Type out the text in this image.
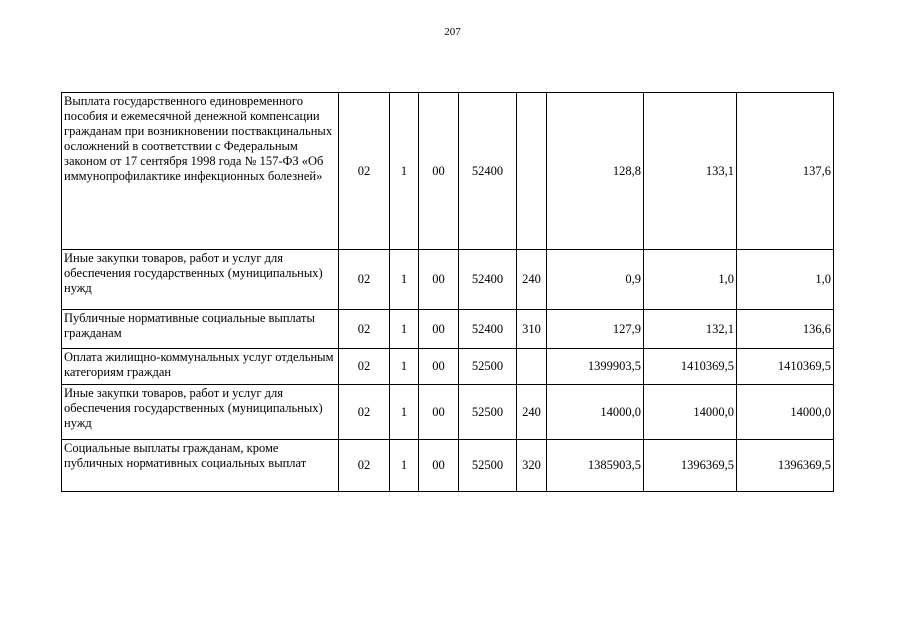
207
Выплата государственного единовременного пособия и ежемесячной денежной компенсации гражданам при возникновении поствакцинальных осложнений в соответствии с Федеральным законом от 17 сентября 1998 года № 157-ФЗ «Об иммунопрофилактике инфекционных болезней»	02	1	00	52400		128,8	133,1	137,6
Иные закупки товаров, работ и услуг для обеспечения государственных (муниципальных) нужд	02	1	00	52400	240	0,9	1,0	1,0
Публичные нормативные социальные выплаты гражданам	02	1	00	52400	310	127,9	132,1	136,6
Оплата жилищно-коммунальных услуг отдельным категориям граждан	02	1	00	52500		1399903,5	1410369,5	1410369,5
Иные закупки товаров, работ и услуг для обеспечения государственных (муниципальных) нужд	02	1	00	52500	240	14000,0	14000,0	14000,0
Социальные выплаты гражданам, кроме публичных нормативных социальных выплат	02	1	00	52500	320	1385903,5	1396369,5	1396369,5
